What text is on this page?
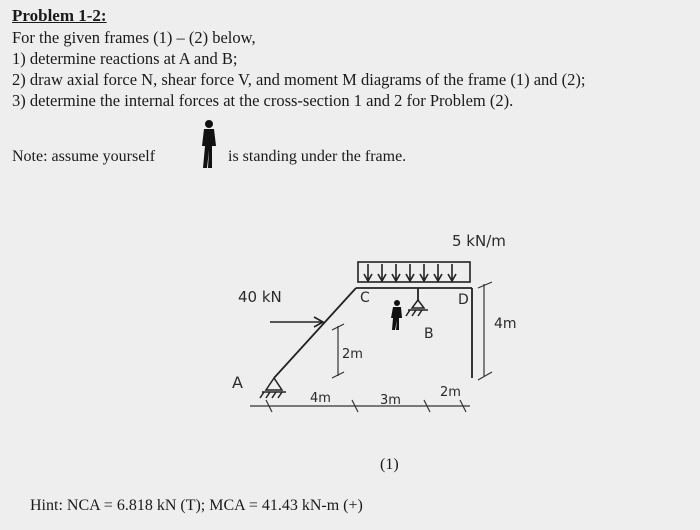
Problem 1-2:
For the given frames (1) – (2) below,
1) determine reactions at A and B;
2) draw axial force N, shear force V, and moment M diagrams of the frame (1) and (2);
3) determine the internal forces at the cross-section 1 and 2 for Problem (2).
Note: assume yourself	is standing under the frame.
5 kN/m
40 kN
A
B
C	D
2m
4m
4m	3m
2m
(1)
Hint: NCA = 6.818 kN (T); MCA = 41.43 kN-m (+)
